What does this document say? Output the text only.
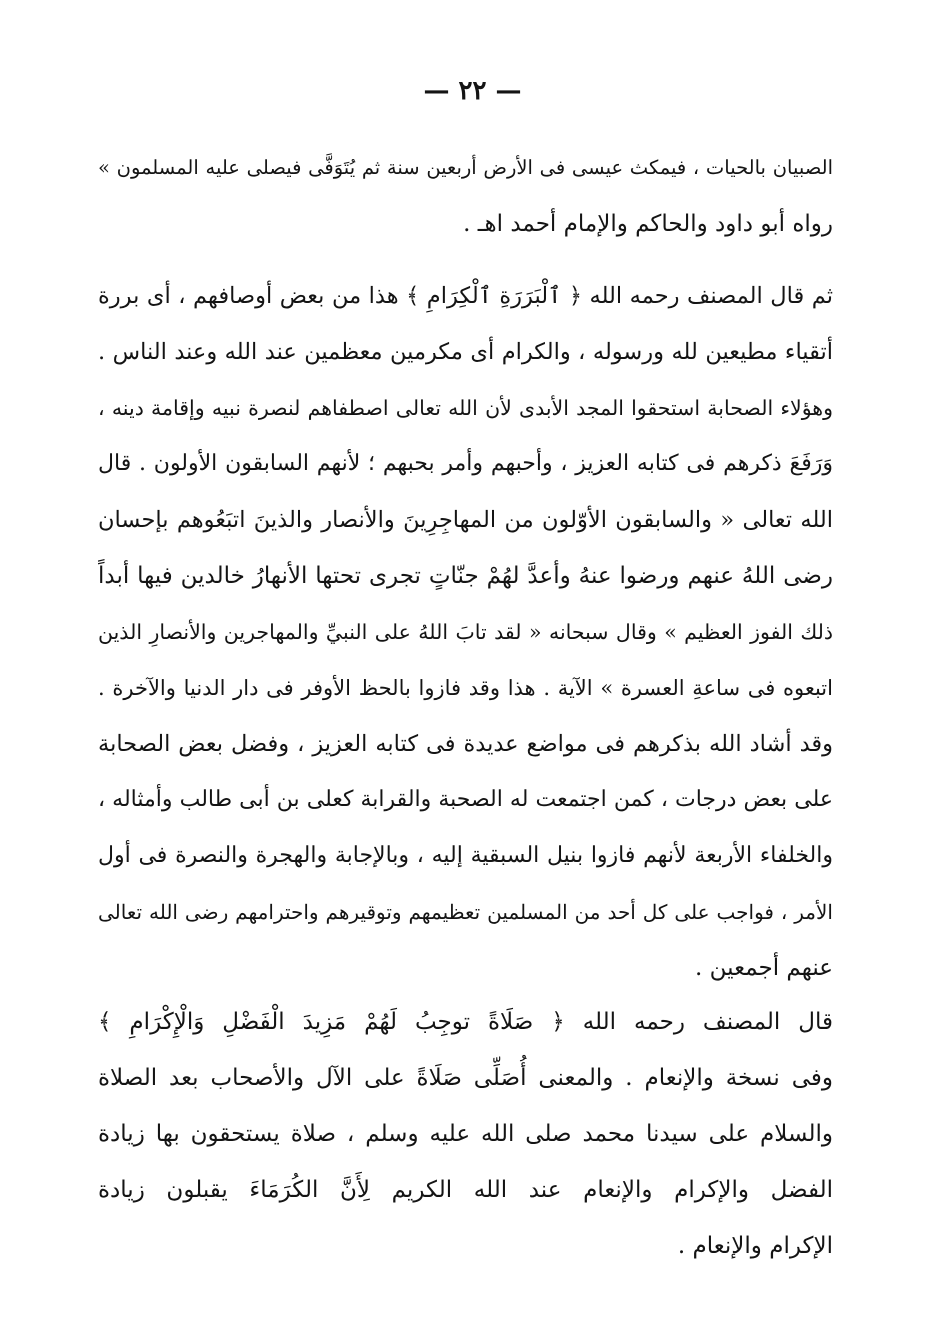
— ٢٢ —
الصبيان بالحيات ، فيمكث عيسى فى الأرض أربعين سنة ثم يُتَوَفَّى فيصلى عليه المسلمون »
رواه أبو داود والحاكم والإمام أحمد اهـ .
ثم قال المصنف رحمه الله ﴿ ٱلْبَرَرَةِ ٱلْكِرَامِ ﴾ هذا من بعض أوصافهم ، أى بررة
أتقياء مطيعين لله ورسوله ، والكرام أى مكرمين معظمين عند الله وعند الناس .
وهؤلاء الصحابة استحقوا المجد الأبدى لأن الله تعالى اصطفاهم لنصرة نبيه وإقامة دينه ،
وَرَفَعَ ذكرهم فى كتابه العزيز ، وأحبهم وأمر بحبهم ؛ لأنهم السابقون الأولون . قال
الله تعالى « والسابقون الأوّلون من المهاجِرِينَ والأنصار والذينَ اتبَعُوهم بإحسان
رضى اللهُ عنهم ورضوا عنهُ وأعدَّ لهُمْ جنّاتٍ تجرى تحتها الأنهارُ خالدين فيها أبداً
ذلك الفوز العظيم » وقال سبحانه « لقد تابَ اللهُ على النبيِّ والمهاجرين والأنصارِ الذين
اتبعوه فى ساعةِ العسرة » الآية . هذا وقد فازوا بالحظ الأوفر فى دار الدنيا والآخرة .
وقد أشاد الله بذكرهم فى مواضع عديدة فى كتابه العزيز ، وفضل بعض الصحابة
على بعض درجات ، كمن اجتمعت له الصحبة والقرابة كعلى بن أبى طالب وأمثاله ،
والخلفاء الأربعة لأنهم فازوا بنيل السبقية إليه ، وبالإجابة والهجرة والنصرة فى أول
الأمر ، فواجب على كل أحد من المسلمين تعظيمهم وتوقيرهم واحترامهم رضى الله تعالى
عنهم أجمعين .
قال المصنف رحمه الله ﴿ صَلَاةً توجِبُ لَهُمْ مَزِيدَ الْفَضْلِ وَالْإِكْرَامِ ﴾
وفى نسخة والإنعام . والمعنى أُصَلِّى صَلَاةً على الآل والأصحاب بعد الصلاة
والسلام على سيدنا محمد صلى الله عليه وسلم ، صلاة يستحقون بها زيادة
الفضل والإكرام والإنعام عند الله الكريم لِأَنَّ الكُرَمَاءَ يقبلون زيادة
الإكرام والإنعام .
